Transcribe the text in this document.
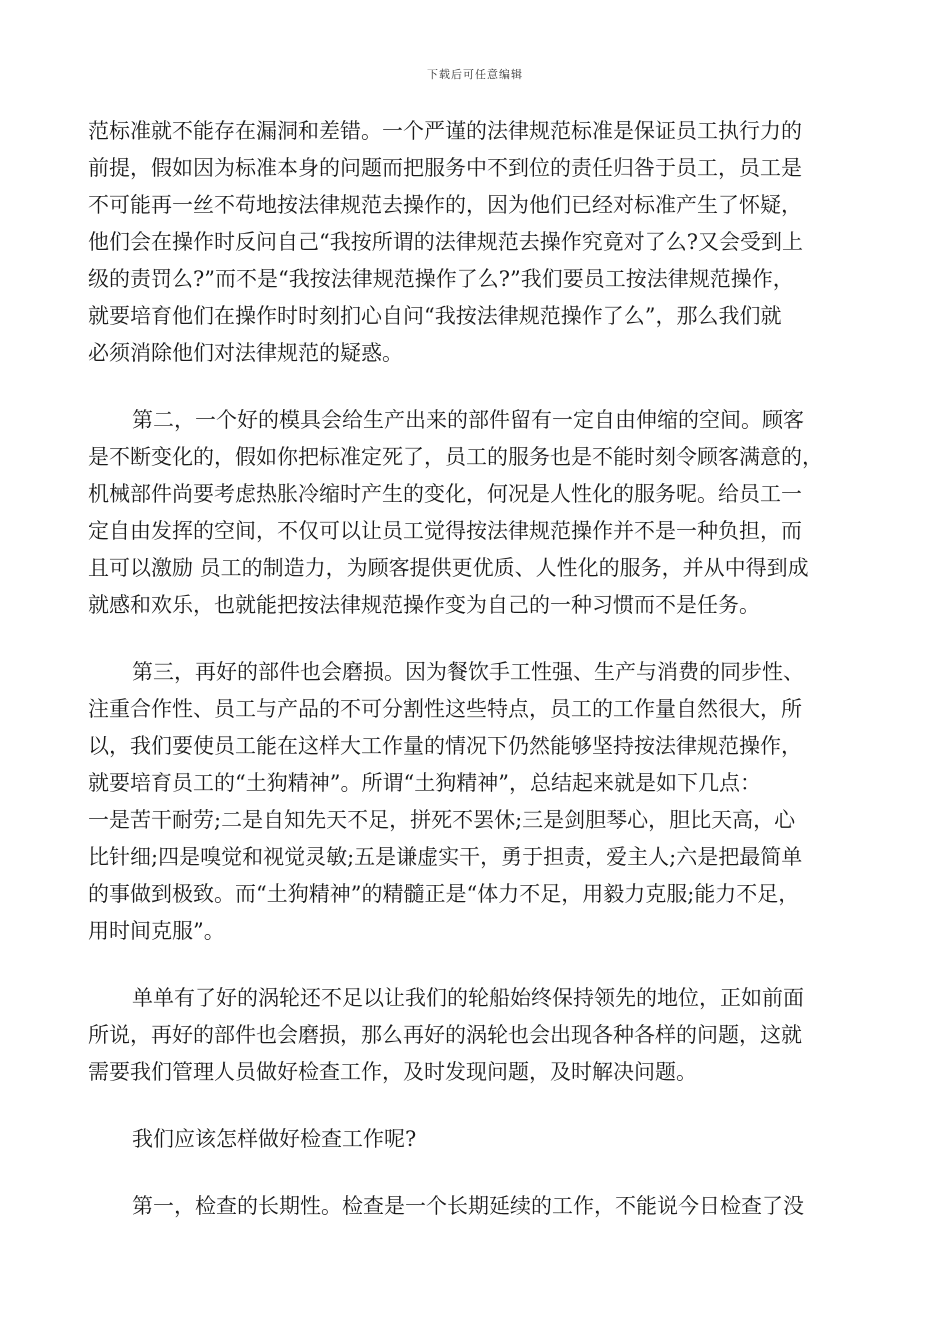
下载后可任意编辑
范标准就不能存在漏洞和差错。一个严谨的法律规范标准是保证员工执行力的
前提，假如因为标准本身的问题而把服务中不到位的责任归咎于员工，员工是
不可能再一丝不苟地按法律规范去操作的，因为他们已经对标准产生了怀疑，
他们会在操作时反问自己“我按所谓的法律规范去操作究竟对了么?又会受到上
级的责罚么?”而不是“我按法律规范操作了么?”我们要员工按法律规范操作，
就要培育他们在操作时时刻扪心自问“我按法律规范操作了么”，那么我们就
必须消除他们对法律规范的疑惑。
第二，一个好的模具会给生产出来的部件留有一定自由伸缩的空间。顾客
是不断变化的，假如你把标准定死了，员工的服务也是不能时刻令顾客满意的，
机械部件尚要考虑热胀冷缩时产生的变化，何况是人性化的服务呢。给员工一
定自由发挥的空间，不仅可以让员工觉得按法律规范操作并不是一种负担，而
且可以激励 员工的制造力，为顾客提供更优质、人性化的服务，并从中得到成
就感和欢乐，也就能把按法律规范操作变为自己的一种习惯而不是任务。
第三，再好的部件也会磨损。因为餐饮手工性强、生产与消费的同步性、
注重合作性、员工与产品的不可分割性这些特点，员工的工作量自然很大，所
以，我们要使员工能在这样大工作量的情况下仍然能够坚持按法律规范操作，
就要培育员工的“土狗精神”。所谓“土狗精神”，总结起来就是如下几点：
一是苦干耐劳;二是自知先天不足，拼死不罢休;三是剑胆琴心，胆比天高，心
比针细;四是嗅觉和视觉灵敏;五是谦虚实干，勇于担责，爱主人;六是把最简单
的事做到极致。而“土狗精神”的精髓正是“体力不足，用毅力克服;能力不足，
用时间克服”。
单单有了好的涡轮还不足以让我们的轮船始终保持领先的地位，正如前面
所说，再好的部件也会磨损，那么再好的涡轮也会出现各种各样的问题，这就
需要我们管理人员做好检查工作，及时发现问题，及时解决问题。
我们应该怎样做好检查工作呢?
第一，检查的长期性。检查是一个长期延续的工作，不能说今日检查了没
